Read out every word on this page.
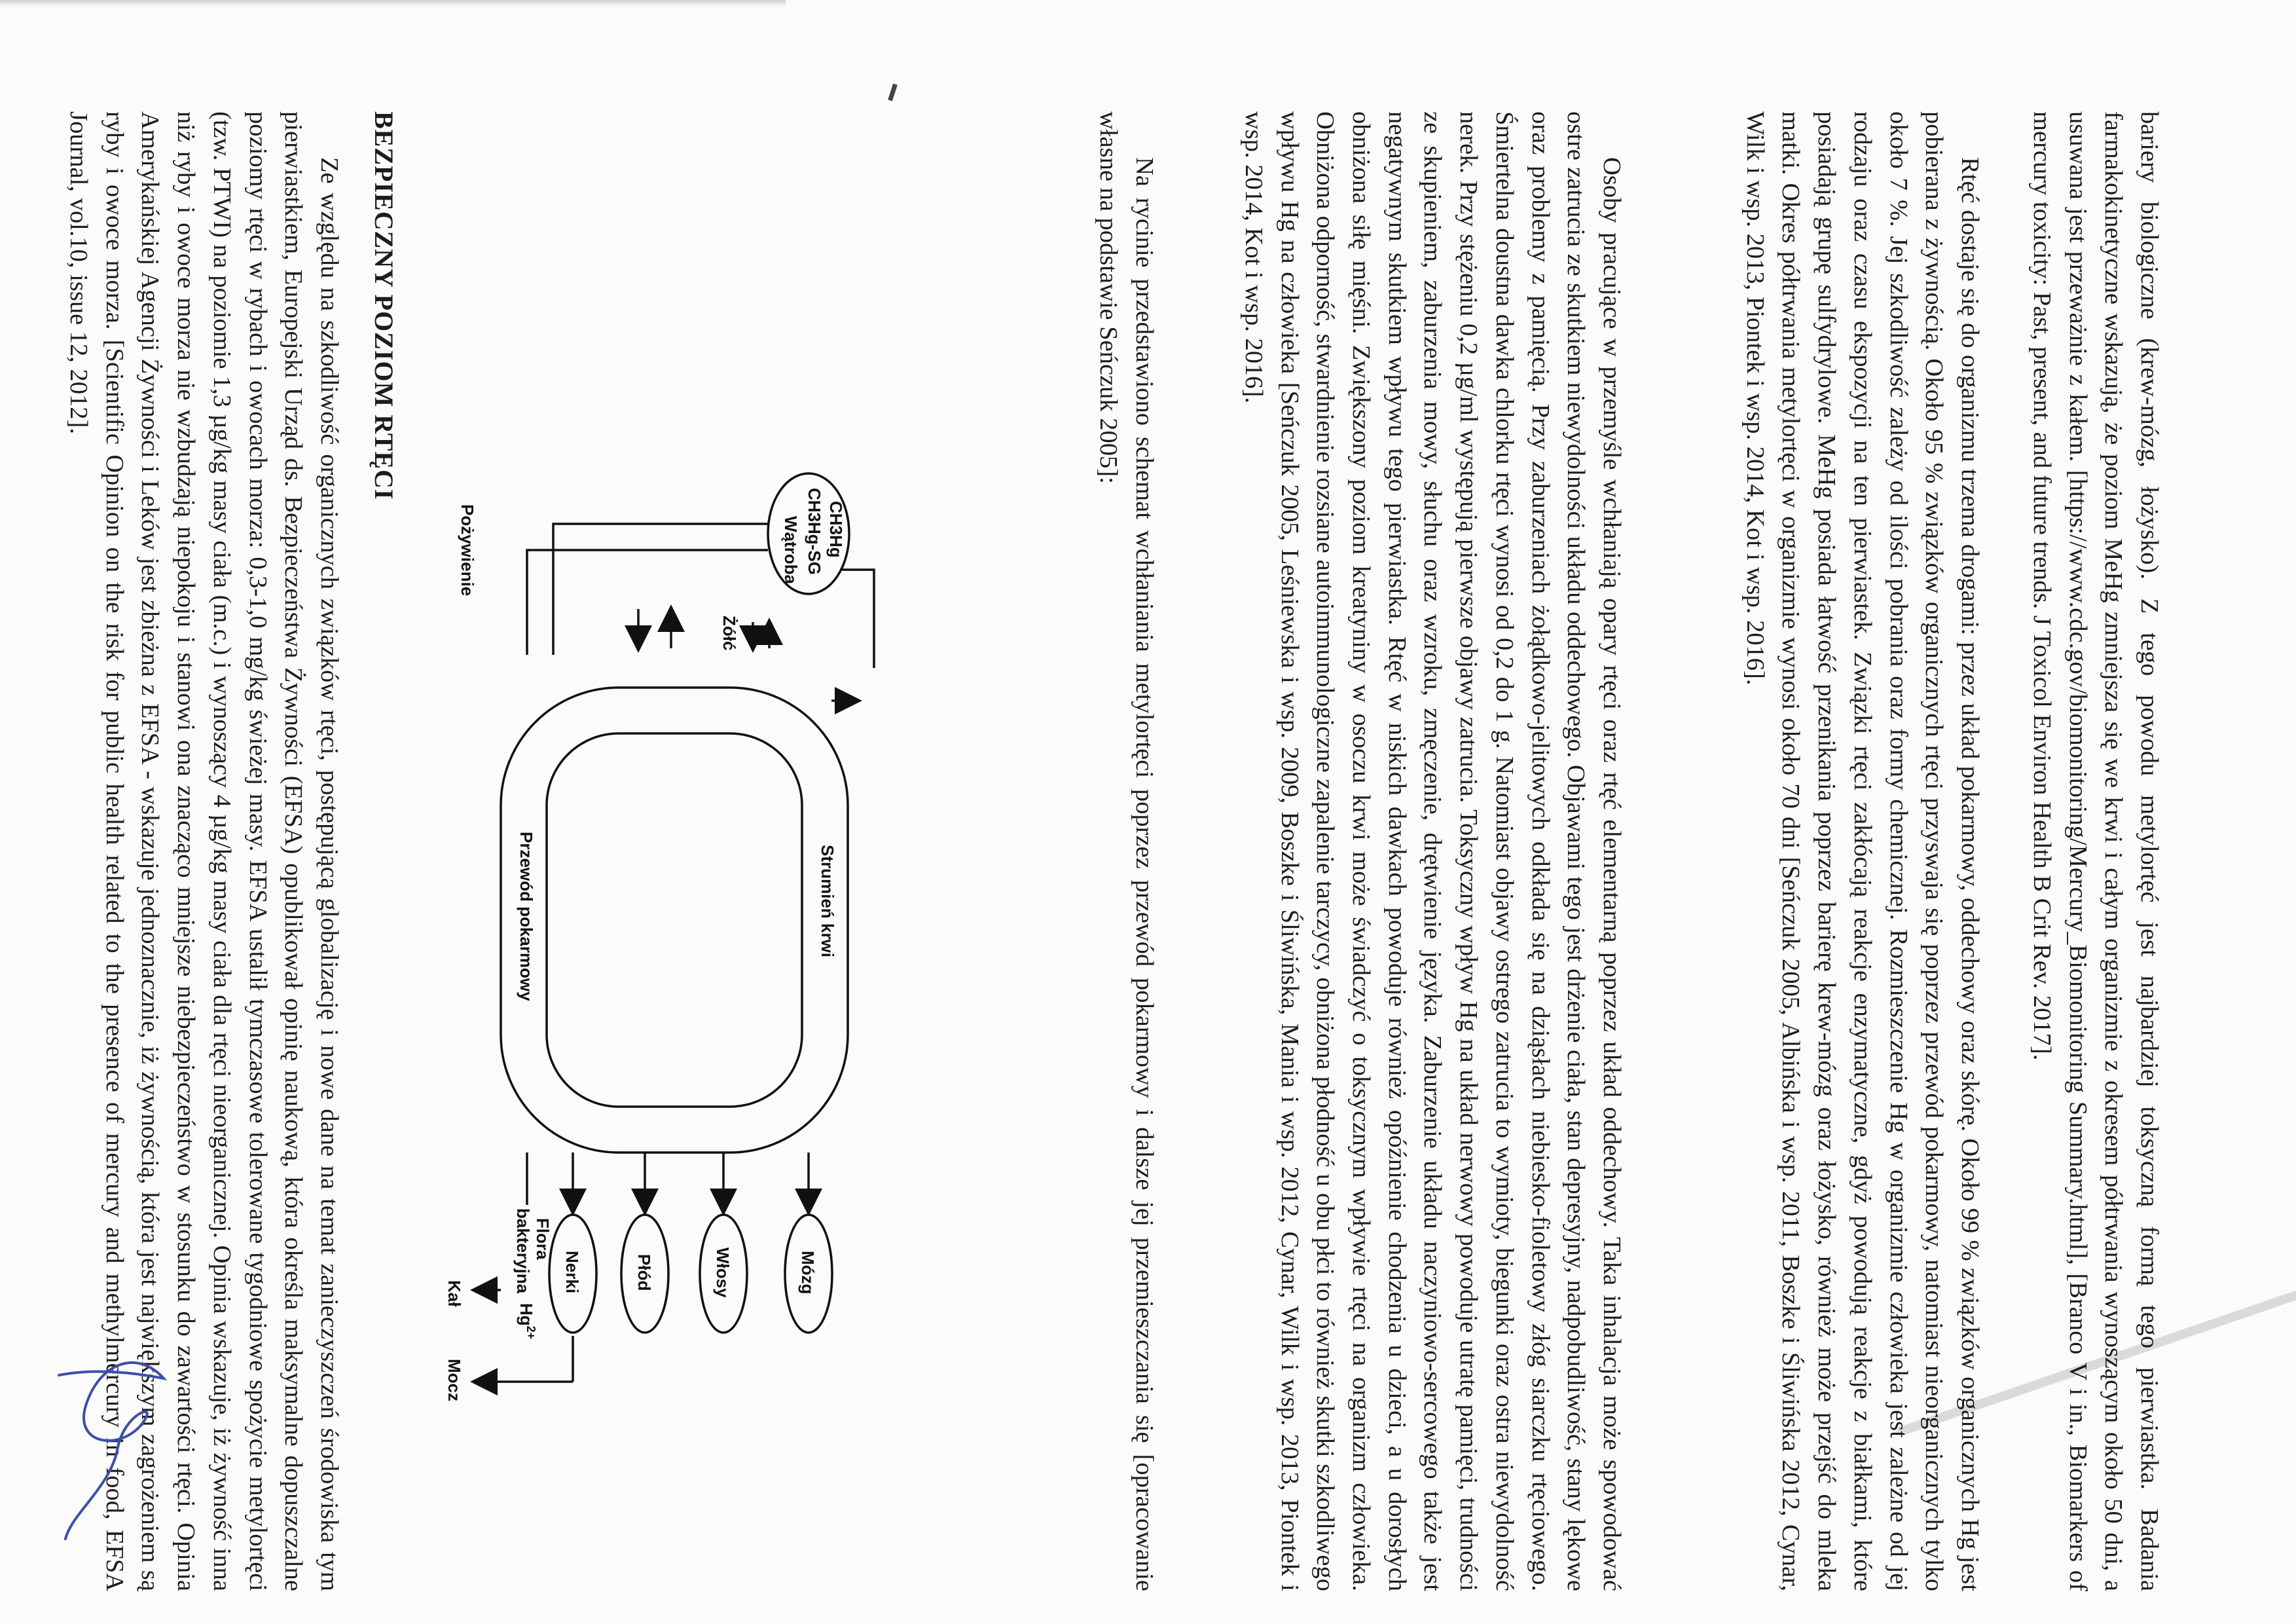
bariery biologiczne (krew-mózg, łożysko). Z tego powodu metylortęć jest najbardziej toksyczną formą tego pierwiastka. Badania farmakokinetyczne wskazują, że poziom MeHg zmniejsza się we krwi i całym organizmie z okresem półtrwania wynoszącym około 50 dni, a usuwana jest przeważnie z kałem. [https://www.cdc.gov/biomonitoring/Mercury_Biomonitoring Summary.html], [Branco V i in., Biomarkers of mercury toxicity: Past, present, and future trends. J Toxicol Environ Health B Crit Rev. 2017].

Rtęć dostaje się do organizmu trzema drogami: przez układ pokarmowy, oddechowy oraz skórę. Około 99 % związków organicznych Hg jest pobierana z żywnością. Około 95 % związków organicznych rtęci przyswaja się poprzez przewód pokarmowy, natomiast nieorganicznych tylko około 7 %. Jej szkodliwość zależy od ilości pobrania oraz formy chemicznej. Rozmieszczenie Hg w organizmie człowieka jest zależne od jej rodzaju oraz czasu ekspozycji na ten pierwiastek. Związki rtęci zakłócają reakcje enzymatyczne, gdyż powodują reakcje z białkami, które posiadają grupę sulfydrylowe. MeHg posiada łatwość przenikania poprzez barierę krew-mózg oraz łożysko, również może przejść do mleka matki. Okres półtrwania metylortęci w organizmie wynosi około 70 dni [Seńczuk 2005, Albińska i wsp. 2011, Boszke i Śliwińska 2012, Cynar, Wilk i wsp. 2013, Piontek i wsp. 2014, Kot i wsp. 2016].

Osoby pracujące w przemyśle wchłaniają opary rtęci oraz rtęć elementarną poprzez układ oddechowy. Taka inhalacja może spowodować ostre zatrucia ze skutkiem niewydolności układu oddechowego. Objawami tego jest drżenie ciała, stan depresyjny, nadpobudliwość, stany lękowe oraz problemy z pamięcią. Przy zaburzeniach żołądkowo-jelitowych odkłada się na dziąsłach niebiesko-fioletowy złóg siarczku rtęciowego. Śmiertelna doustna dawka chlorku rtęci wynosi od 0,2 do 1 g. Natomiast objawy ostrego zatrucia to wymioty, biegunki oraz ostra niewydolność nerek. Przy stężeniu 0,2 µg/ml występują pierwsze objawy zatrucia. Toksyczny wpływ Hg na układ nerwowy powoduje utratę pamięci, trudności ze skupieniem, zaburzenia mowy, słuchu oraz wzroku, zmęczenie, drętwienie języka. Zaburzenie układu naczyniowo-sercowego także jest negatywnym skutkiem wpływu tego pierwiastka. Rtęć w niskich dawkach powoduje również opóźnienie chodzenia u dzieci, a u dorosłych obniżona siłę mięśni. Zwiększony poziom kreatyniny w osoczu krwi może świadczyć o toksycznym wpływie rtęci na organizm człowieka. Obniżona odporność, stwardnienie rozsiane autoimmunologiczne zapalenie tarczycy, obniżona płodność u obu płci to również skutki szkodliwego wpływu Hg na człowieka [Seńczuk 2005, Leśniewska i wsp. 2009, Boszke i Śliwińska, Mania i wsp. 2012, Cynar, Wilk i wsp. 2013, Piontek i wsp. 2014, Kot i wsp. 2016].

Na rycinie przedstawiono schemat wchłaniania metylortęci poprzez przewód pokarmowy i dalsze jej przemieszczania się [opracowanie własne na podstawie Seńczuk 2005]:

CH3Hg
CH3Hg-SG
Wątroba
Żółć
Pożywienie
Strumień krwi
Przewód pokarmowy
Mózg
Włosy
Płód
Nerki
Mocz
Flora
bakteryjna
$Hg^{2+}$
Kał
BEZPIECZNY POZIOM RTĘCI

Ze względu na szkodliwość organicznych związków rtęci, postępującą globalizację i nowe dane na temat zanieczyszczeń środowiska tym pierwiastkiem, Europejski Urząd ds. Bezpieczeństwa Żywności (EFSA) opublikował opinię naukową, która określa maksymalne dopuszczalne poziomy rtęci w rybach i owocach morza: 0,3-1,0 mg/kg świeżej masy. EFSA ustalił tymczasowe tolerowane tygodniowe spożycie metylortęci (tzw. PTWI) na poziomie 1,3 µg/kg masy ciała (m.c.) i wynoszący 4 µg/kg masy ciała dla rtęci nieorganicznej. Opinia wskazuje, iż żywność inna niż ryby i owoce morza nie wzbudzają niepokoju i stanowi ona znacząco mniejsze niebezpieczeństwo w stosunku do zawartości rtęci. Opinia Amerykańskiej Agencji Żywności i Leków jest zbieżna z EFSA - wskazuje jednoznacznie, iż żywnością, która jest największym zagrożeniem są ryby i owoce morza. [Scientific Opinion on the risk for public health related to the presence of mercury and methylmercury in food, EFSA Journal, vol.10, issue 12, 2012].
